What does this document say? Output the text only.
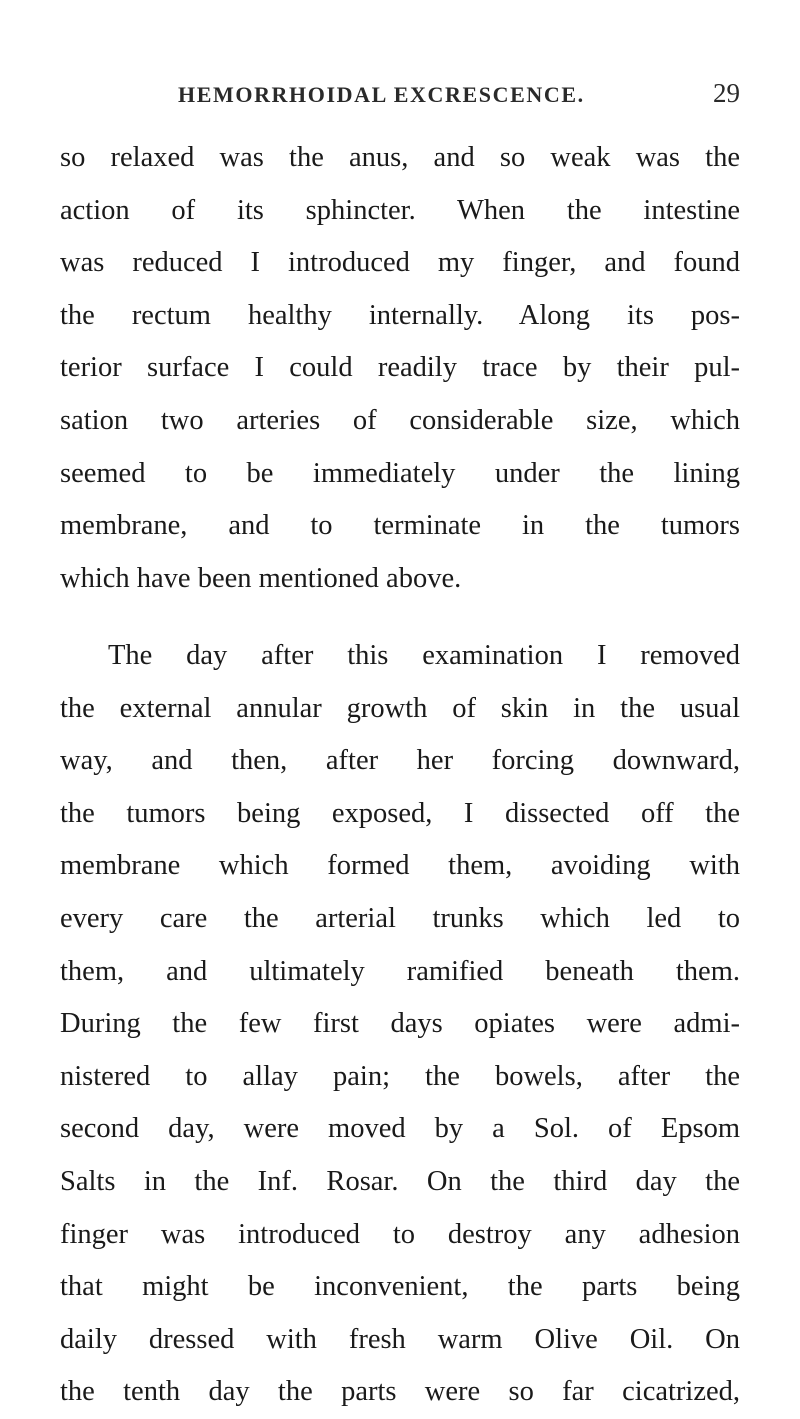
HEMORRHOIDAL EXCRESCENCE.	29
so relaxed was the anus, and so weak was the
action of its sphincter. When the intestine
was reduced I introduced my finger, and found
the rectum healthy internally. Along its pos-
terior surface I could readily trace by their pul-
sation two arteries of considerable size, which
seemed to be immediately under the lining
membrane, and to terminate in the tumors
which have been mentioned above.
The day after this examination I removed
the external annular growth of skin in the usual
way, and then, after her forcing downward,
the tumors being exposed, I dissected off the
membrane which formed them, avoiding with
every care the arterial trunks which led to
them, and ultimately ramified beneath them.
During the few first days opiates were admi-
nistered to allay pain; the bowels, after the
second day, were moved by a Sol. of Epsom
Salts in the Inf. Rosar. On the third day the
finger was introduced to destroy any adhesion
that might be inconvenient, the parts being
daily dressed with fresh warm Olive Oil. On
the tenth day the parts were so far cicatrized,
